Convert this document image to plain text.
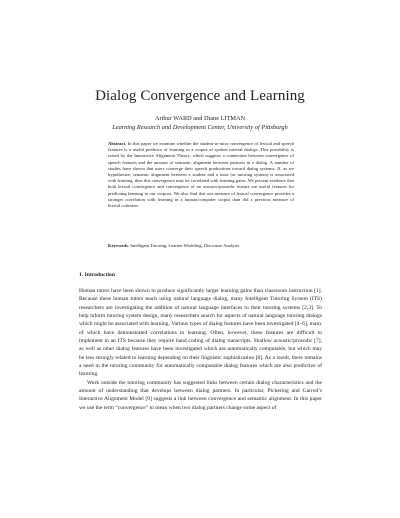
Dialog Convergence and Learning
Arthur WARD and Diane LITMAN
Learning Research and Development Center, University of Pittsburgh
Abstract. In this paper we examine whether the student-to-tutor convergence of lexical and speech features is a useful predictor of learning in a corpus of spoken tutorial dialogs. This possibility is raised by the Interactive Alignment Theory, which suggests a connection between convergence of speech features and the amount of semantic alignment between partners in a dialog. A number of studies have shown that users converge their speech productions toward dialog systems. If, as we hypothesize, semantic alignment between a student and a tutor (or tutoring system) is associated with learning, then this convergence may be correlated with learning gains. We present evidence that both lexical convergence and convergence of an acoustic/prosodic feature are useful features for predicting learning in our corpora. We also find that our measure of lexical convergence provides a stronger correlation with learning in a human/computer corpus than did a previous measure of lexical cohesion.
Keywords. Intelligent Tutoring, Learner Modeling, Discourse Analysis
1. Introduction

Human tutors have been shown to produce significantly larger learning gains than classroom instruction [1]. Because these human tutors teach using natural language dialog, many Intelligent Tutoring System (ITS) researchers are investigating the addition of natural language interfaces to their tutoring systems [2,3]. To help inform tutoring system design, many researchers search for aspects of natural language tutoring dialogs which might be associated with learning. Various types of dialog features have been investigated [4–6], many of which have demonstrated correlations to learning. Often, however, these features are difficult to implement in an ITS because they require hand coding of dialog transcripts. Shallow acoustic/prosodic [7], as well as other dialog features have been investigated which are automatically computable, but which may be less strongly related to learning depending on their linguistic sophistication [8]. As a result, there remains a need in the tutoring community for automatically computable dialog features which are also predictive of learning.

Work outside the tutoring community has suggested links between certain dialog characteristics and the amount of understanding that develops between dialog partners. In particular, Pickering and Garrod’s Interactive Alignment Model [9] suggests a link between convergence and semantic alignment. In this paper we use the term “convergence” to mean when two dialog partners change some aspect of
